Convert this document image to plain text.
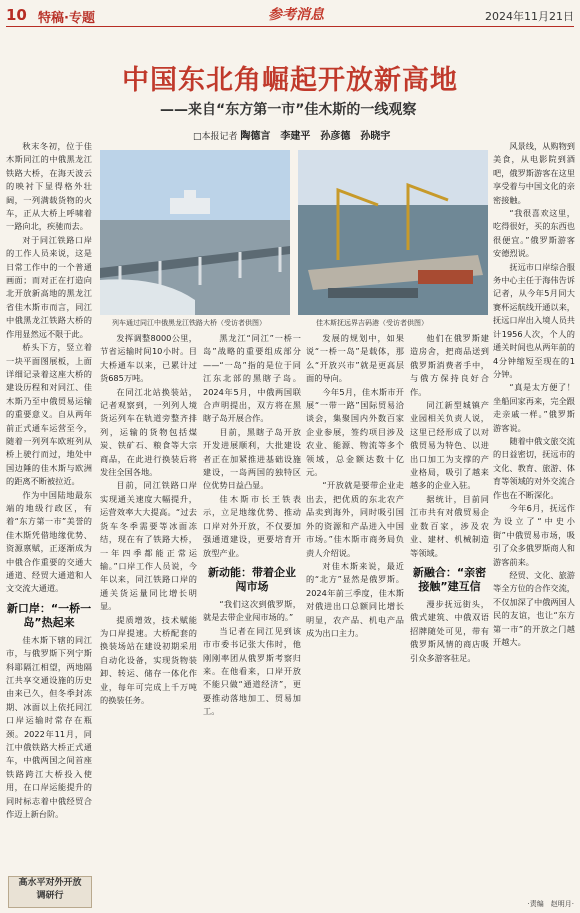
10 特稿·专题	参考消息	2024年11月21日
中国东北角崛起开放新高地
——来自“东方第一市”佳木斯的一线观察
□本报记者 陶德言　李建平　孙彦德　孙晓宇

秋末冬初，位于佳木斯同江的中俄黑龙江铁路大桥，在海天波云的映衬下显得格外壮阔，一列满载货物的火车，正从大桥上呼啸着一路向北，疾驰而去。

对于同江铁路口岸的工作人员来说，这是日常工作中的一个普通画面；而对正在打造向北开放新高地的黑龙江省佳木斯市而言，同江中俄黑龙江铁路大桥的作用显然远不限于此。

桥头下方，竖立着一块平面图展板，上面详细记录着这座大桥的建设历程和对同江、佳木斯乃至中俄贸易运输的重要意义。自从两年前正式通车运营至今，随着一列列车欧班列从桥上驶行而过，地处中国边陲的佳木斯与欧洲的距离不断被拉近。

作为中国陆地最东端的地级行政区，有着“东方第一市”美誉的佳木斯凭借地缘优势、资源禀赋，正逐渐成为中俄合作重要的交通大通道、经贸大通道和人文交流大通道。

新口岸：“一桥一岛”热起来

佳木斯下辖的同江市，与俄罗斯下列宁斯科耶隔江相望，两地隔江共享交通设施的历史由来已久，但冬季封冻期、冰面以上依托同江口岸运输时常存在瓶颈。2022年11月，同江中俄铁路大桥正式通车，中俄两国之间首座铁路跨江大桥投入使用，在口岸运能提升的同时标志着中俄经贸合作迈上新台阶。

高水平对外开放
调研行
列车通过同江中俄黑龙江铁路大桥（受访者供图）	佳木斯抚远界吉码港（受访者供图）

发挥调整8000公里，节省运输时间10小时。目大桥通车以来，已累计过货685万吨。

在同江北站换装站，记者观察到，一列列人境货运列车在轨道旁整齐排列，运输的货物包括煤炭、铁矿石、粮食等大宗商品，在此进行换装后将发往全国各地。

目前，同江铁路口岸实现通关速度大幅提升，运营效率大大提高。“过去货车冬季需要等冰面冻结，现在有了铁路大桥，一年四季都能正常运输。”口岸工作人员说，今年以来，同江铁路口岸的通关货运量同比增长明显。

提质增效，技术赋能为口岸提速。大桥配套的换装场站在建设初期采用自动化设备，实现货物装卸、转运、储存一体化作业，每年可完成上千万吨的换装任务。

黑龙江“同江”一桥一岛”战略的重要组成部分——“一岛”指的是位于同江东北部的黑瞎子岛。2024年5月，中俄两国联合声明提出，双方将在黑瞎子岛开展合作。

目前，黑瞎子岛开放开发进展顺利，大批建设者正在加紧推进基础设施建设，一岛两国的独特区位优势日益凸显。

佳木斯市长王铁表示，立足地缘优势、推动口岸对外开放，不仅要加强通道建设，更要培育开放型产业。

新动能：带着企业闯市场

“我们这次到俄罗斯，就是去带企业闯市场的。”

当记者在同江见到该市市委书记张大伟时，他刚刚率团从俄罗斯考察归来。在他看来，口岸开放不能只做“通道经济”，更要推动落地加工、贸易加工。

发展的规划中，如果说“一桥一岛”是载体，那么“开放兴市”就是更高层面的导向。

今年5月，佳木斯市开展“一带一路”国际贸易洽谈会，集聚国内外数百家企业参展，签约项目涉及农业、能源、物流等多个领域，总金额达数十亿元。

“开放就是要带企业走出去，把优质的东北农产品卖到海外，同时吸引国外的资源和产品进入中国市场。”佳木斯市商务局负责人介绍说。

对佳木斯来说，最近的“北方”显然是俄罗斯。2024年前三季度，佳木斯对俄进出口总额同比增长明显，农产品、机电产品成为出口主力。

他们在俄罗斯建造房舍，把商品送到俄罗斯消费者手中，与俄方保持良好合作。

同江新型城镇产业园相关负责人说，这里已经形成了以对俄贸易为特色、以进出口加工为支撑的产业格局，吸引了越来越多的企业入驻。

据统计，目前同江市共有对俄贸易企业数百家，涉及农业、建材、机械制造等领域。

新融合：“亲密接触”建互信

漫步抚远街头，俄式建筑、中俄双语招牌随处可见，带有俄罗斯风情的商店吸引众多游客驻足。

风景线，从购物到美食，从电影院到酒吧，俄罗斯游客在这里享受着与中国文化的亲密接触。

“我很喜欢这里，吃得很好，买的东西也很便宜。”俄罗斯游客安德烈说。

抚远市口岸综合服务中心主任于海伟告诉记者，从今年5月同大赛杯运航线开通以来，抚远口岸出入境人员共计1956人次，个人的通关时间也从两年前的4分钟缩短至现在的1分钟。

“真是太方便了！坐船回家再来，完全跟走亲戚一样。”俄罗斯游客说。

随着中俄文旅交流的日益密切，抚远市的文化、教育、旅游、体育等领域的对外交流合作也在不断深化。

今年6月，抚远作为设立了“中史小街”中俄贸易市场，吸引了众多俄罗斯商人和游客前来。

经贸、文化、旅游等全方位的合作交流，不仅加深了中俄两国人民的友谊，也让“东方第一市”的开放之门越开越大。

·责编　赵明月·
